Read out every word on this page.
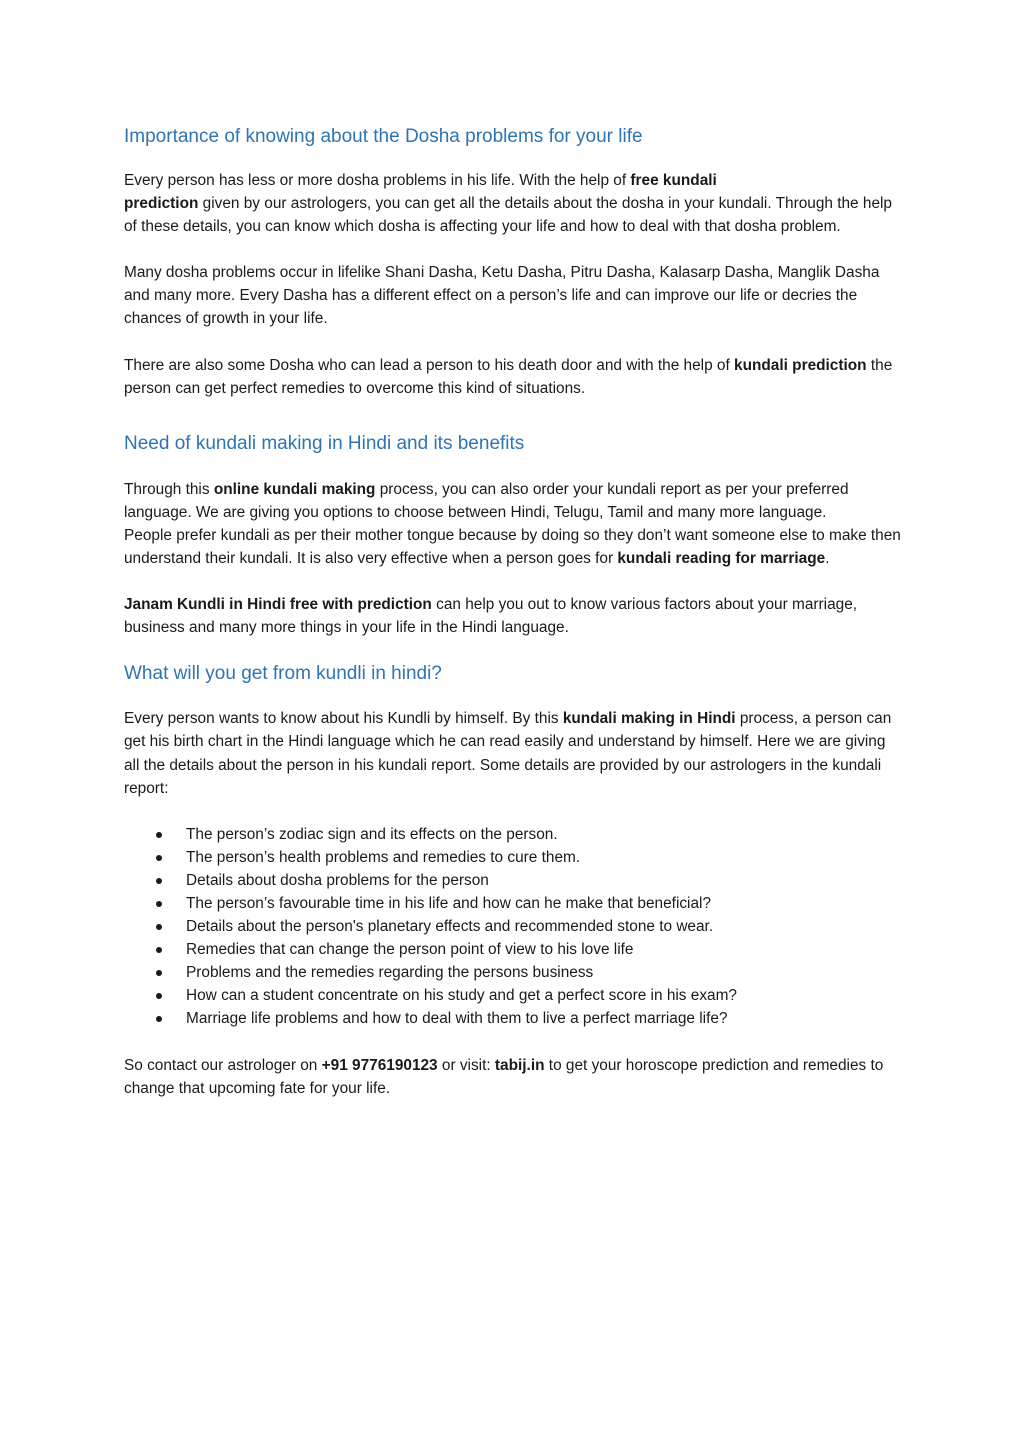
Importance of knowing about the Dosha problems for your life

Every person has less or more dosha problems in his life. With the help of free kundali
prediction given by our astrologers, you can get all the details about the dosha in your kundali. Through the help of these details, you can know which dosha is affecting your life and how to deal with that dosha problem.

Many dosha problems occur in lifelike Shani Dasha, Ketu Dasha, Pitru Dasha, Kalasarp Dasha, Manglik Dasha and many more. Every Dasha has a different effect on a person’s life and can improve our life or decries the chances of growth in your life.

There are also some Dosha who can lead a person to his death door and with the help of kundali prediction the person can get perfect remedies to overcome this kind of situations.

Need of kundali making in Hindi and its benefits

Through this online kundali making process, you can also order your kundali report as per your preferred language. We are giving you options to choose between Hindi, Telugu, Tamil and many more language.

People prefer kundali as per their mother tongue because by doing so they don’t want someone else to make then understand their kundali. It is also very effective when a person goes for kundali reading for marriage.

Janam Kundli in Hindi free with prediction can help you out to know various factors about your marriage, business and many more things in your life in the Hindi language.

What will you get from kundli in hindi?

Every person wants to know about his Kundli by himself. By this kundali making in Hindi process, a person can get his birth chart in the Hindi language which he can read easily and understand by himself. Here we are giving all the details about the person in his kundali report. Some details are provided by our astrologers in the kundali report:

The person’s zodiac sign and its effects on the person.
The person’s health problems and remedies to cure them.
Details about dosha problems for the person
The person’s favourable time in his life and how can he make that beneficial?
Details about the person's planetary effects and recommended stone to wear.
Remedies that can change the person point of view to his love life
Problems and the remedies regarding the persons business
How can a student concentrate on his study and get a perfect score in his exam?
Marriage life problems and how to deal with them to live a perfect marriage life?

So contact our astrologer on +91 9776190123 or visit: tabij.in to get your horoscope prediction and remedies to change that upcoming fate for your life.
